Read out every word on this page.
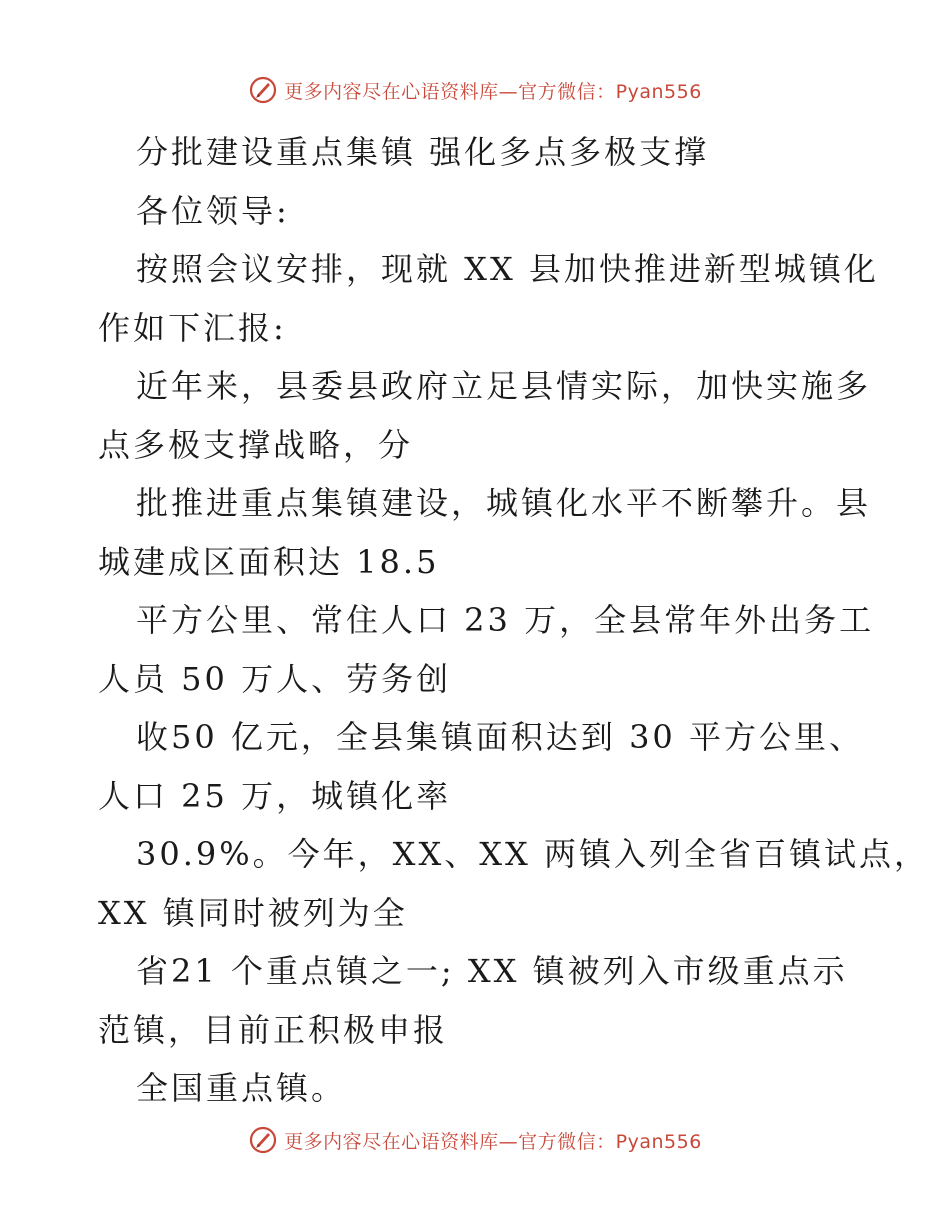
更多内容尽在心语资料库—官方微信：Pyan556
分批建设重点集镇 强化多点多极支撑
各位领导:
按照会议安排，现就 XX 县加快推进新型城镇化
作如下汇报:
近年来，县委县政府立足县情实际，加快实施多
点多极支撑战略，分
批推进重点集镇建设，城镇化水平不断攀升。县
城建成区面积达 18.5
平方公里、常住人口 23 万，全县常年外出务工
人员 50 万人、劳务创
收50 亿元，全县集镇面积达到 30 平方公里、
人口 25 万，城镇化率
30.9%。今年，XX、XX 两镇入列全省百镇试点，
XX 镇同时被列为全
省21 个重点镇之一; XX 镇被列入市级重点示
范镇，目前正积极申报
全国重点镇。
更多内容尽在心语资料库—官方微信：Pyan556
